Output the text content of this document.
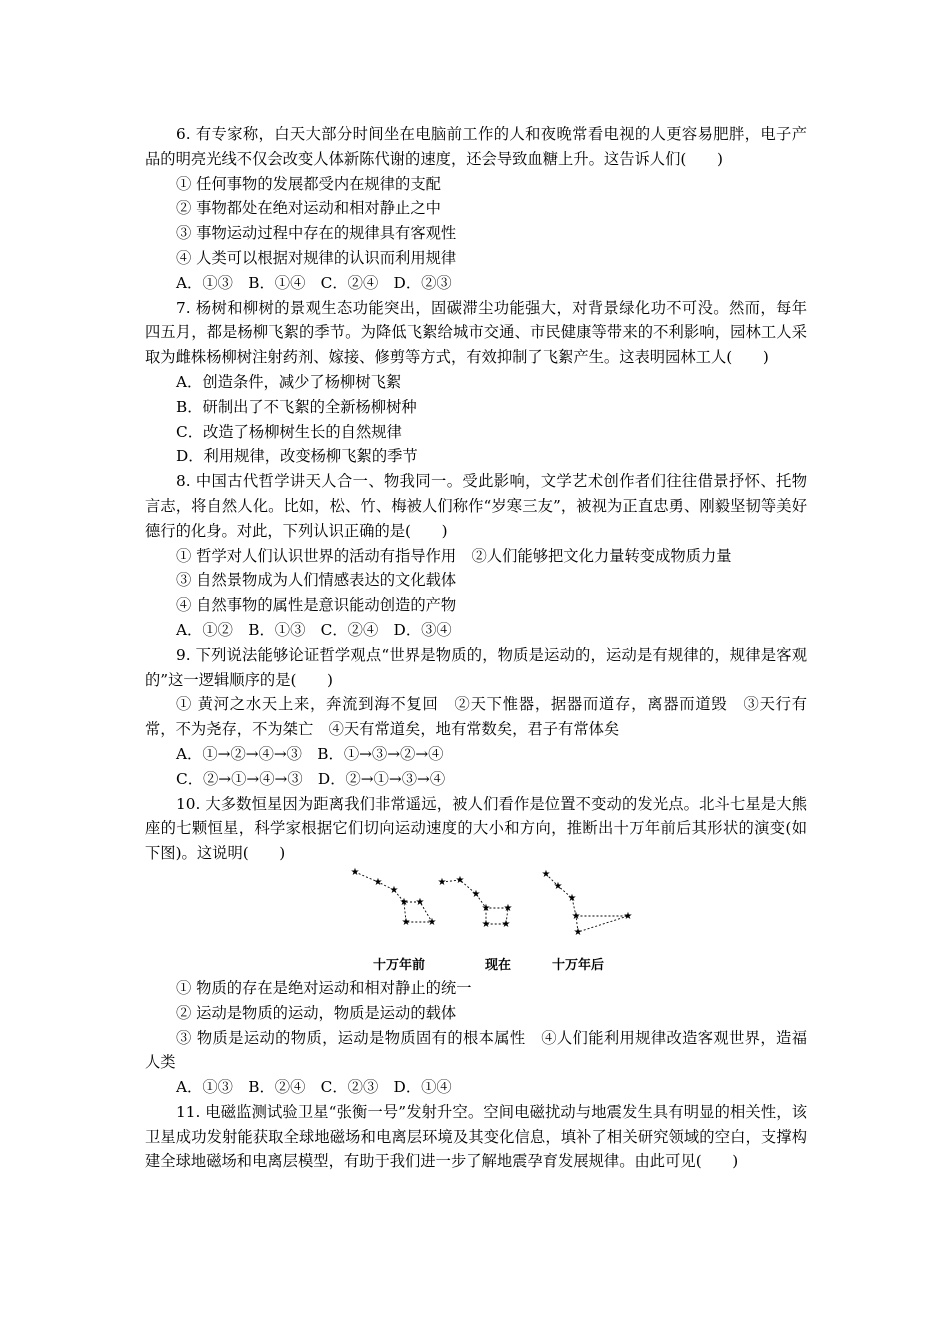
6. 有专家称，白天大部分时间坐在电脑前工作的人和夜晚常看电视的人更容易肥胖，电子产品的明亮光线不仅会改变人体新陈代谢的速度，还会导致血糖上升。这告诉人们(　　)

① 任何事物的发展都受内在规律的支配

② 事物都处在绝对运动和相对静止之中

③ 事物运动过程中存在的规律具有客观性

④ 人类可以根据对规律的认识而利用规律

A．①③　B．①④　C．②④　D．②③

7. 杨树和柳树的景观生态功能突出，固碳滞尘功能强大，对背景绿化功不可没。然而，每年四五月，都是杨柳飞絮的季节。为降低飞絮给城市交通、市民健康等带来的不利影响，园林工人采取为雌株杨柳树注射药剂、嫁接、修剪等方式，有效抑制了飞絮产生。这表明园林工人(　　)

A．创造条件，减少了杨柳树飞絮

B．研制出了不飞絮的全新杨柳树种

C．改造了杨柳树生长的自然规律

D．利用规律，改变杨柳飞絮的季节

8. 中国古代哲学讲天人合一、物我同一。受此影响，文学艺术创作者们往往借景抒怀、托物言志，将自然人化。比如，松、竹、梅被人们称作“岁寒三友”，被视为正直忠勇、刚毅坚韧等美好德行的化身。对此，下列认识正确的是(　　)

① 哲学对人们认识世界的活动有指导作用　②人们能够把文化力量转变成物质力量

③ 自然景物成为人们情感表达的文化载体

④ 自然事物的属性是意识能动创造的产物

A．①②　B．①③　C．②④　D．③④

9. 下列说法能够论证哲学观点“世界是物质的，物质是运动的，运动是有规律的，规律是客观的”这一逻辑顺序的是(　　)

① 黄河之水天上来，奔流到海不复回　②天下惟器，据器而道存，离器而道毁　③天行有常，不为尧存，不为桀亡　④天有常道矣，地有常数矣，君子有常体矣

A．①→②→④→③　B．①→③→②→④

C．②→①→④→③　D．②→①→③→④

10. 大多数恒星因为距离我们非常遥远，被人们看作是位置不变动的发光点。北斗七星是大熊座的七颗恒星，科学家根据它们切向运动速度的大小和方向，推断出十万年前后其形状的演变(如下图)。这说明(　　)

★
★
★
★
★ ★
★
★ ★
★
★ ★
★
★
★
★
★
★
★
★
十万年前	现在	十万年后

① 物质的存在是绝对运动和相对静止的统一

② 运动是物质的运动，物质是运动的载体

③ 物质是运动的物质，运动是物质固有的根本属性　④人们能利用规律改造客观世界，造福人类

A．①③　B．②④　C．②③　D．①④

11. 电磁监测试验卫星“张衡一号”发射升空。空间电磁扰动与地震发生具有明显的相关性，该卫星成功发射能获取全球地磁场和电离层环境及其变化信息，填补了相关研究领域的空白，支撑构建全球地磁场和电离层模型，有助于我们进一步了解地震孕育发展规律。由此可见(　　)
